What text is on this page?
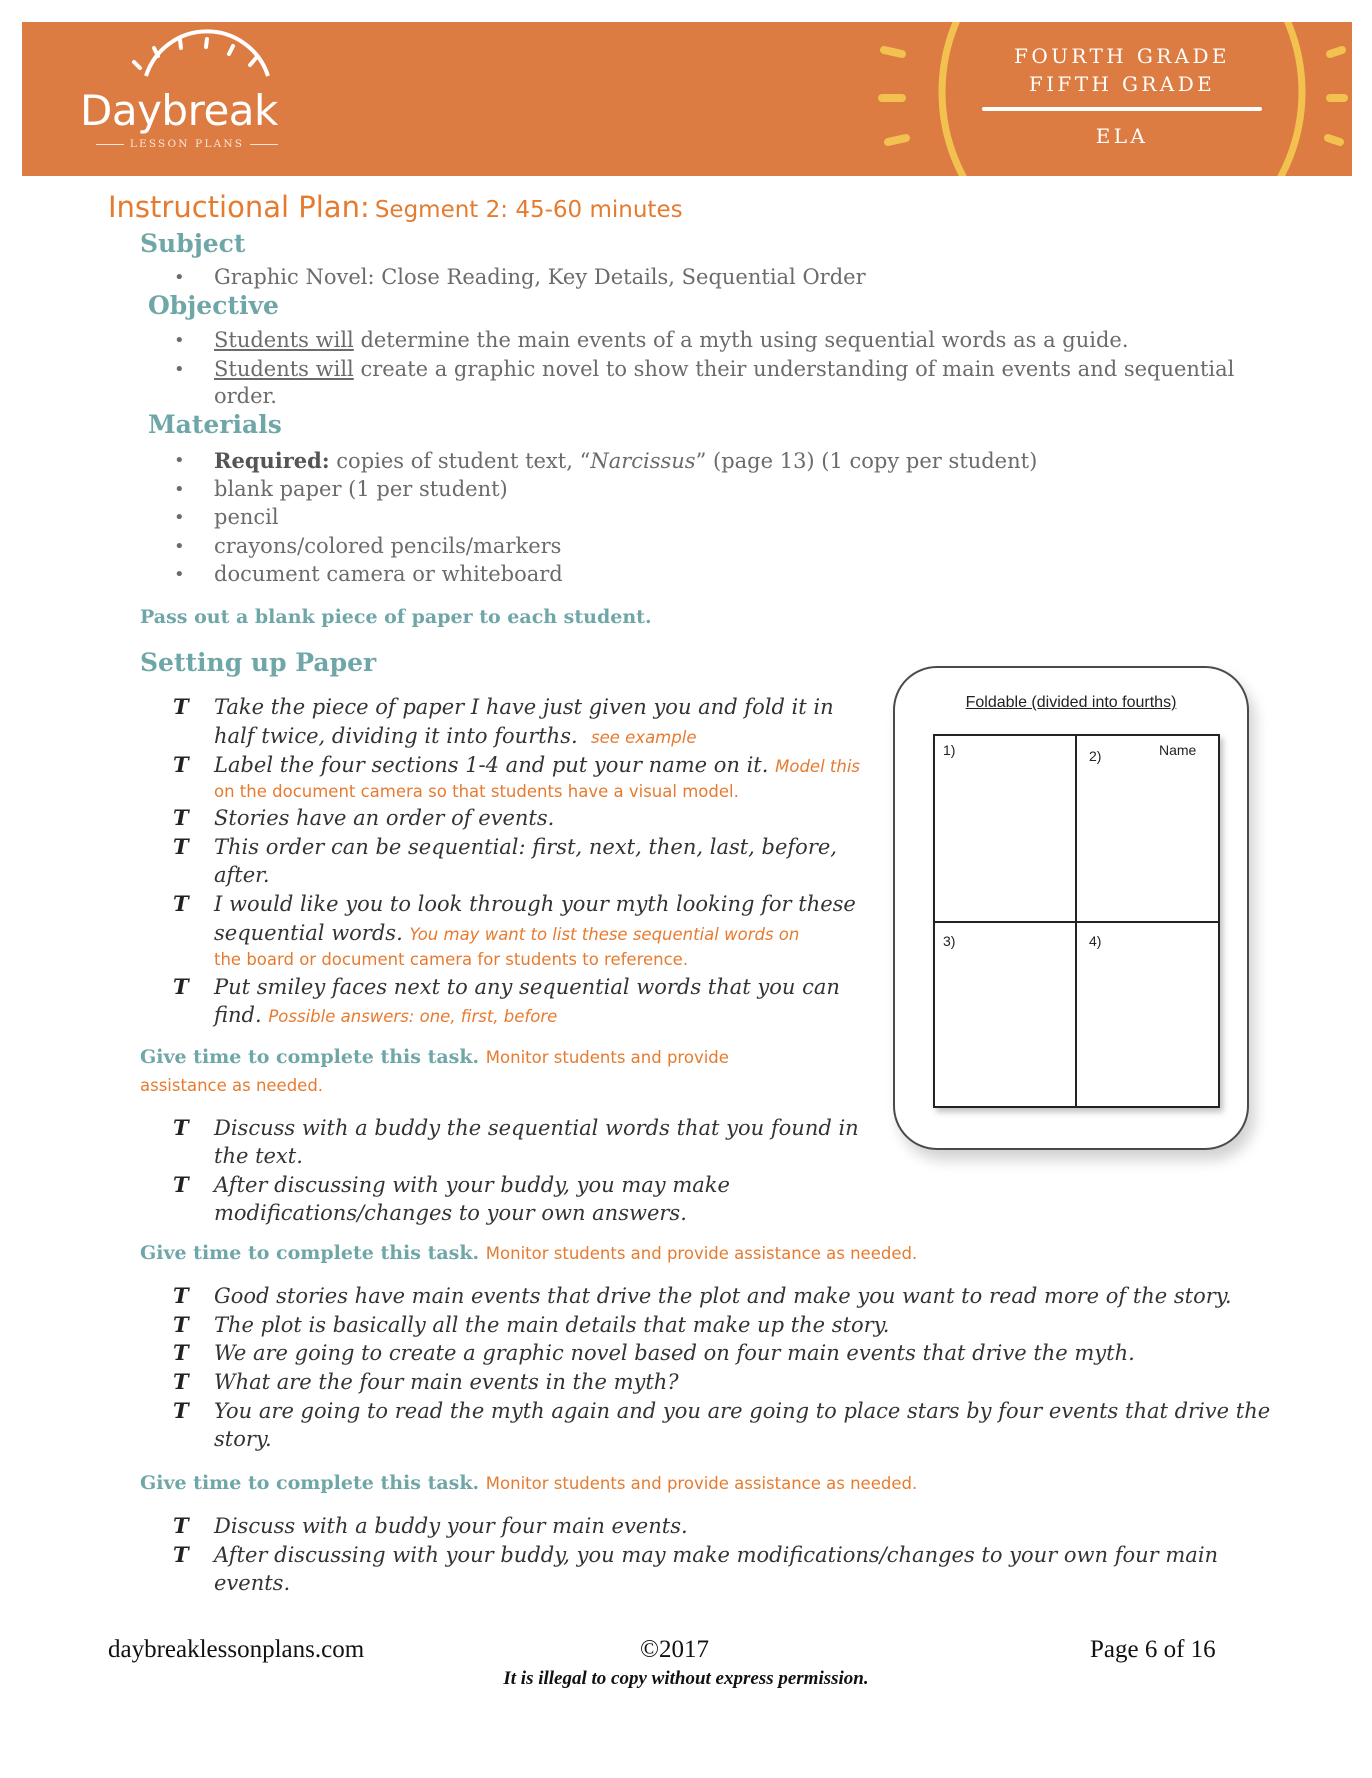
Daybreak
LESSON PLANS
FOURTH GRADE
FIFTH GRADE
ELA
Instructional Plan: Segment 2: 45-60 minutes
Subject
• Graphic Novel: Close Reading, Key Details, Sequential Order
Objective
• Students will determine the main events of a myth using sequential words as a guide.
• Students will create a graphic novel to show their understanding of main events and sequential
order.
Materials
• Required: copies of student text, “Narcissus” (page 13) (1 copy per student)
• blank paper (1 per student)
• pencil
• crayons/colored pencils/markers
• document camera or whiteboard
Pass out a blank piece of paper to each student.
Setting up Paper
T Take the piece of paper I have just given you and fold it in
half twice, dividing it into fourths. see example
T Label the four sections 1-4 and put your name on it. Model this
on the document camera so that students have a visual model.
T Stories have an order of events.
T This order can be sequential: first, next, then, last, before,
after.
T I would like you to look through your myth looking for these
sequential words. You may want to list these sequential words on
the board or document camera for students to reference.
T Put smiley faces next to any sequential words that you can
find. Possible answers: one, first, before
Give time to complete this task. Monitor students and provide
assistance as needed.
T Discuss with a buddy the sequential words that you found in
the text.
T After discussing with your buddy, you may make
modifications/changes to your own answers.
Give time to complete this task. Monitor students and provide assistance as needed.
T Good stories have main events that drive the plot and make you want to read more of the story.
T The plot is basically all the main details that make up the story.
T We are going to create a graphic novel based on four main events that drive the myth.
T What are the four main events in the myth?
T You are going to read the myth again and you are going to place stars by four events that drive the
story.
Give time to complete this task. Monitor students and provide assistance as needed.
T Discuss with a buddy your four main events.
T After discussing with your buddy, you may make modifications/changes to your own four main
events.
Foldable (divided into fourths)
1)	2)	Name
3)	4)
daybreaklessonplans.com	©2017	Page 6 of 16
It is illegal to copy without express permission.
